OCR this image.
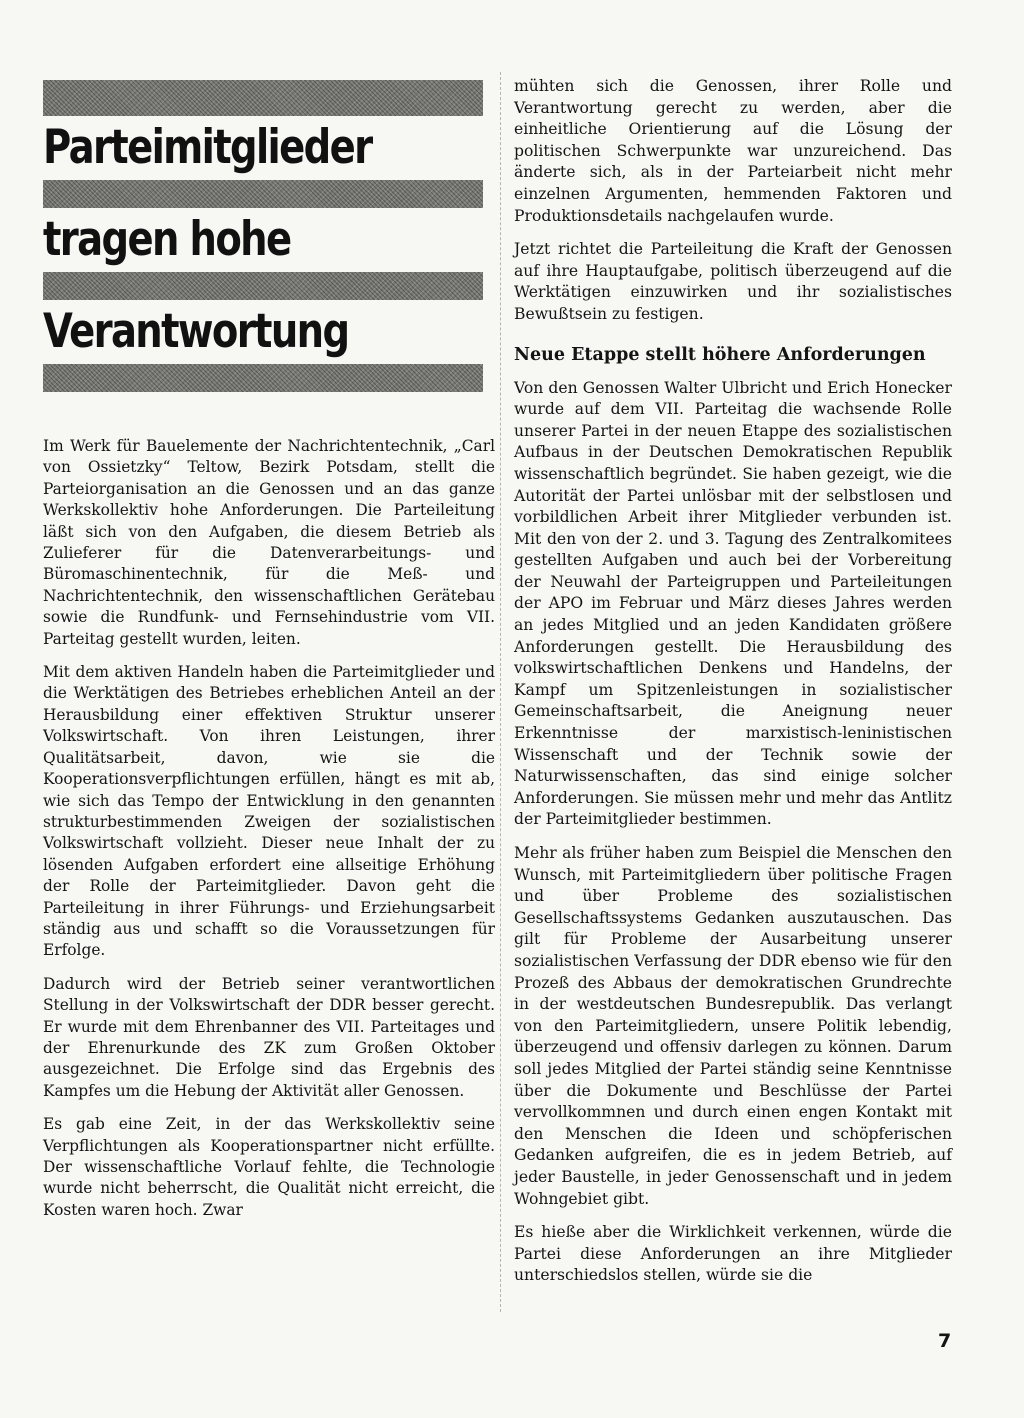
Parteimitglieder
tragen hohe
Verantwortung

Im Werk für Bauelemente der Nachrichtentechnik, „Carl von Ossietzky“ Teltow, Bezirk Potsdam, stellt die Parteiorganisation an die Genossen und an das ganze Werkskollektiv hohe Anforderungen. Die Parteileitung läßt sich von den Aufgaben, die diesem Betrieb als Zulieferer für die Datenverarbeitungs- und Büromaschinentechnik, für die Meß- und Nachrichtentechnik, den wissenschaftlichen Gerätebau sowie die Rundfunk- und Fernsehindustrie vom VII. Parteitag gestellt wurden, leiten.

Mit dem aktiven Handeln haben die Parteimitglieder und die Werktätigen des Betriebes erheblichen Anteil an der Herausbildung einer effektiven Struktur unserer Volkswirtschaft. Von ihren Leistungen, ihrer Qualitätsarbeit, davon, wie sie die Kooperationsverpflichtungen erfüllen, hängt es mit ab, wie sich das Tempo der Entwicklung in den genannten strukturbestimmenden Zweigen der sozialistischen Volkswirtschaft vollzieht. Dieser neue Inhalt der zu lösenden Aufgaben erfordert eine allseitige Erhöhung der Rolle der Parteimitglieder. Davon geht die Parteileitung in ihrer Führungs- und Erziehungsarbeit ständig aus und schafft so die Voraussetzungen für Erfolge.

Dadurch wird der Betrieb seiner verantwortlichen Stellung in der Volkswirtschaft der DDR besser gerecht. Er wurde mit dem Ehrenbanner des VII. Parteitages und der Ehrenurkunde des ZK zum Großen Oktober ausgezeichnet. Die Erfolge sind das Ergebnis des Kampfes um die Hebung der Aktivität aller Genossen.

Es gab eine Zeit, in der das Werkskollektiv seine Verpflichtungen als Kooperationspartner nicht erfüllte. Der wissenschaftliche Vorlauf fehlte, die Technologie wurde nicht beherrscht, die Qualität nicht erreicht, die Kosten waren hoch. Zwar

mühten sich die Genossen, ihrer Rolle und Verantwortung gerecht zu werden, aber die einheitliche Orientierung auf die Lösung der politischen Schwerpunkte war unzureichend. Das änderte sich, als in der Parteiarbeit nicht mehr einzelnen Argumenten, hemmenden Faktoren und Produktionsdetails nachgelaufen wurde.

Jetzt richtet die Parteileitung die Kraft der Genossen auf ihre Hauptaufgabe, politisch überzeugend auf die Werktätigen einzuwirken und ihr sozialistisches Bewußtsein zu festigen.

Neue Etappe stellt höhere Anforderungen

Von den Genossen Walter Ulbricht und Erich Honecker wurde auf dem VII. Parteitag die wachsende Rolle unserer Partei in der neuen Etappe des sozialistischen Aufbaus in der Deutschen Demokratischen Republik wissenschaftlich begründet. Sie haben gezeigt, wie die Autorität der Partei unlösbar mit der selbstlosen und vorbildlichen Arbeit ihrer Mitglieder verbunden ist. Mit den von der 2. und 3. Tagung des Zentralkomitees gestellten Aufgaben und auch bei der Vorbereitung der Neuwahl der Parteigruppen und Parteileitungen der APO im Februar und März dieses Jahres werden an jedes Mitglied und an jeden Kandidaten größere Anforderungen gestellt. Die Herausbildung des volkswirtschaftlichen Denkens und Handelns, der Kampf um Spitzenleistungen in sozialistischer Gemeinschaftsarbeit, die Aneignung neuer Erkenntnisse der marxistisch-leninistischen Wissenschaft und der Technik sowie der Naturwissenschaften, das sind einige solcher Anforderungen. Sie müssen mehr und mehr das Antlitz der Parteimitglieder bestimmen.

Mehr als früher haben zum Beispiel die Menschen den Wunsch, mit Parteimitgliedern über politische Fragen und über Probleme des sozialistischen Gesellschaftssystems Gedanken auszutauschen. Das gilt für Probleme der Ausarbeitung unserer sozialistischen Verfassung der DDR ebenso wie für den Prozeß des Abbaus der demokratischen Grundrechte in der westdeutschen Bundesrepublik. Das verlangt von den Parteimitgliedern, unsere Politik lebendig, überzeugend und offensiv darlegen zu können. Darum soll jedes Mitglied der Partei ständig seine Kenntnisse über die Dokumente und Beschlüsse der Partei vervollkommnen und durch einen engen Kontakt mit den Menschen die Ideen und schöpferischen Gedanken aufgreifen, die es in jedem Betrieb, auf jeder Baustelle, in jeder Genossenschaft und in jedem Wohngebiet gibt.

Es hieße aber die Wirklichkeit verkennen, würde die Partei diese Anforderungen an ihre Mitglieder unterschiedslos stellen, würde sie die

7
